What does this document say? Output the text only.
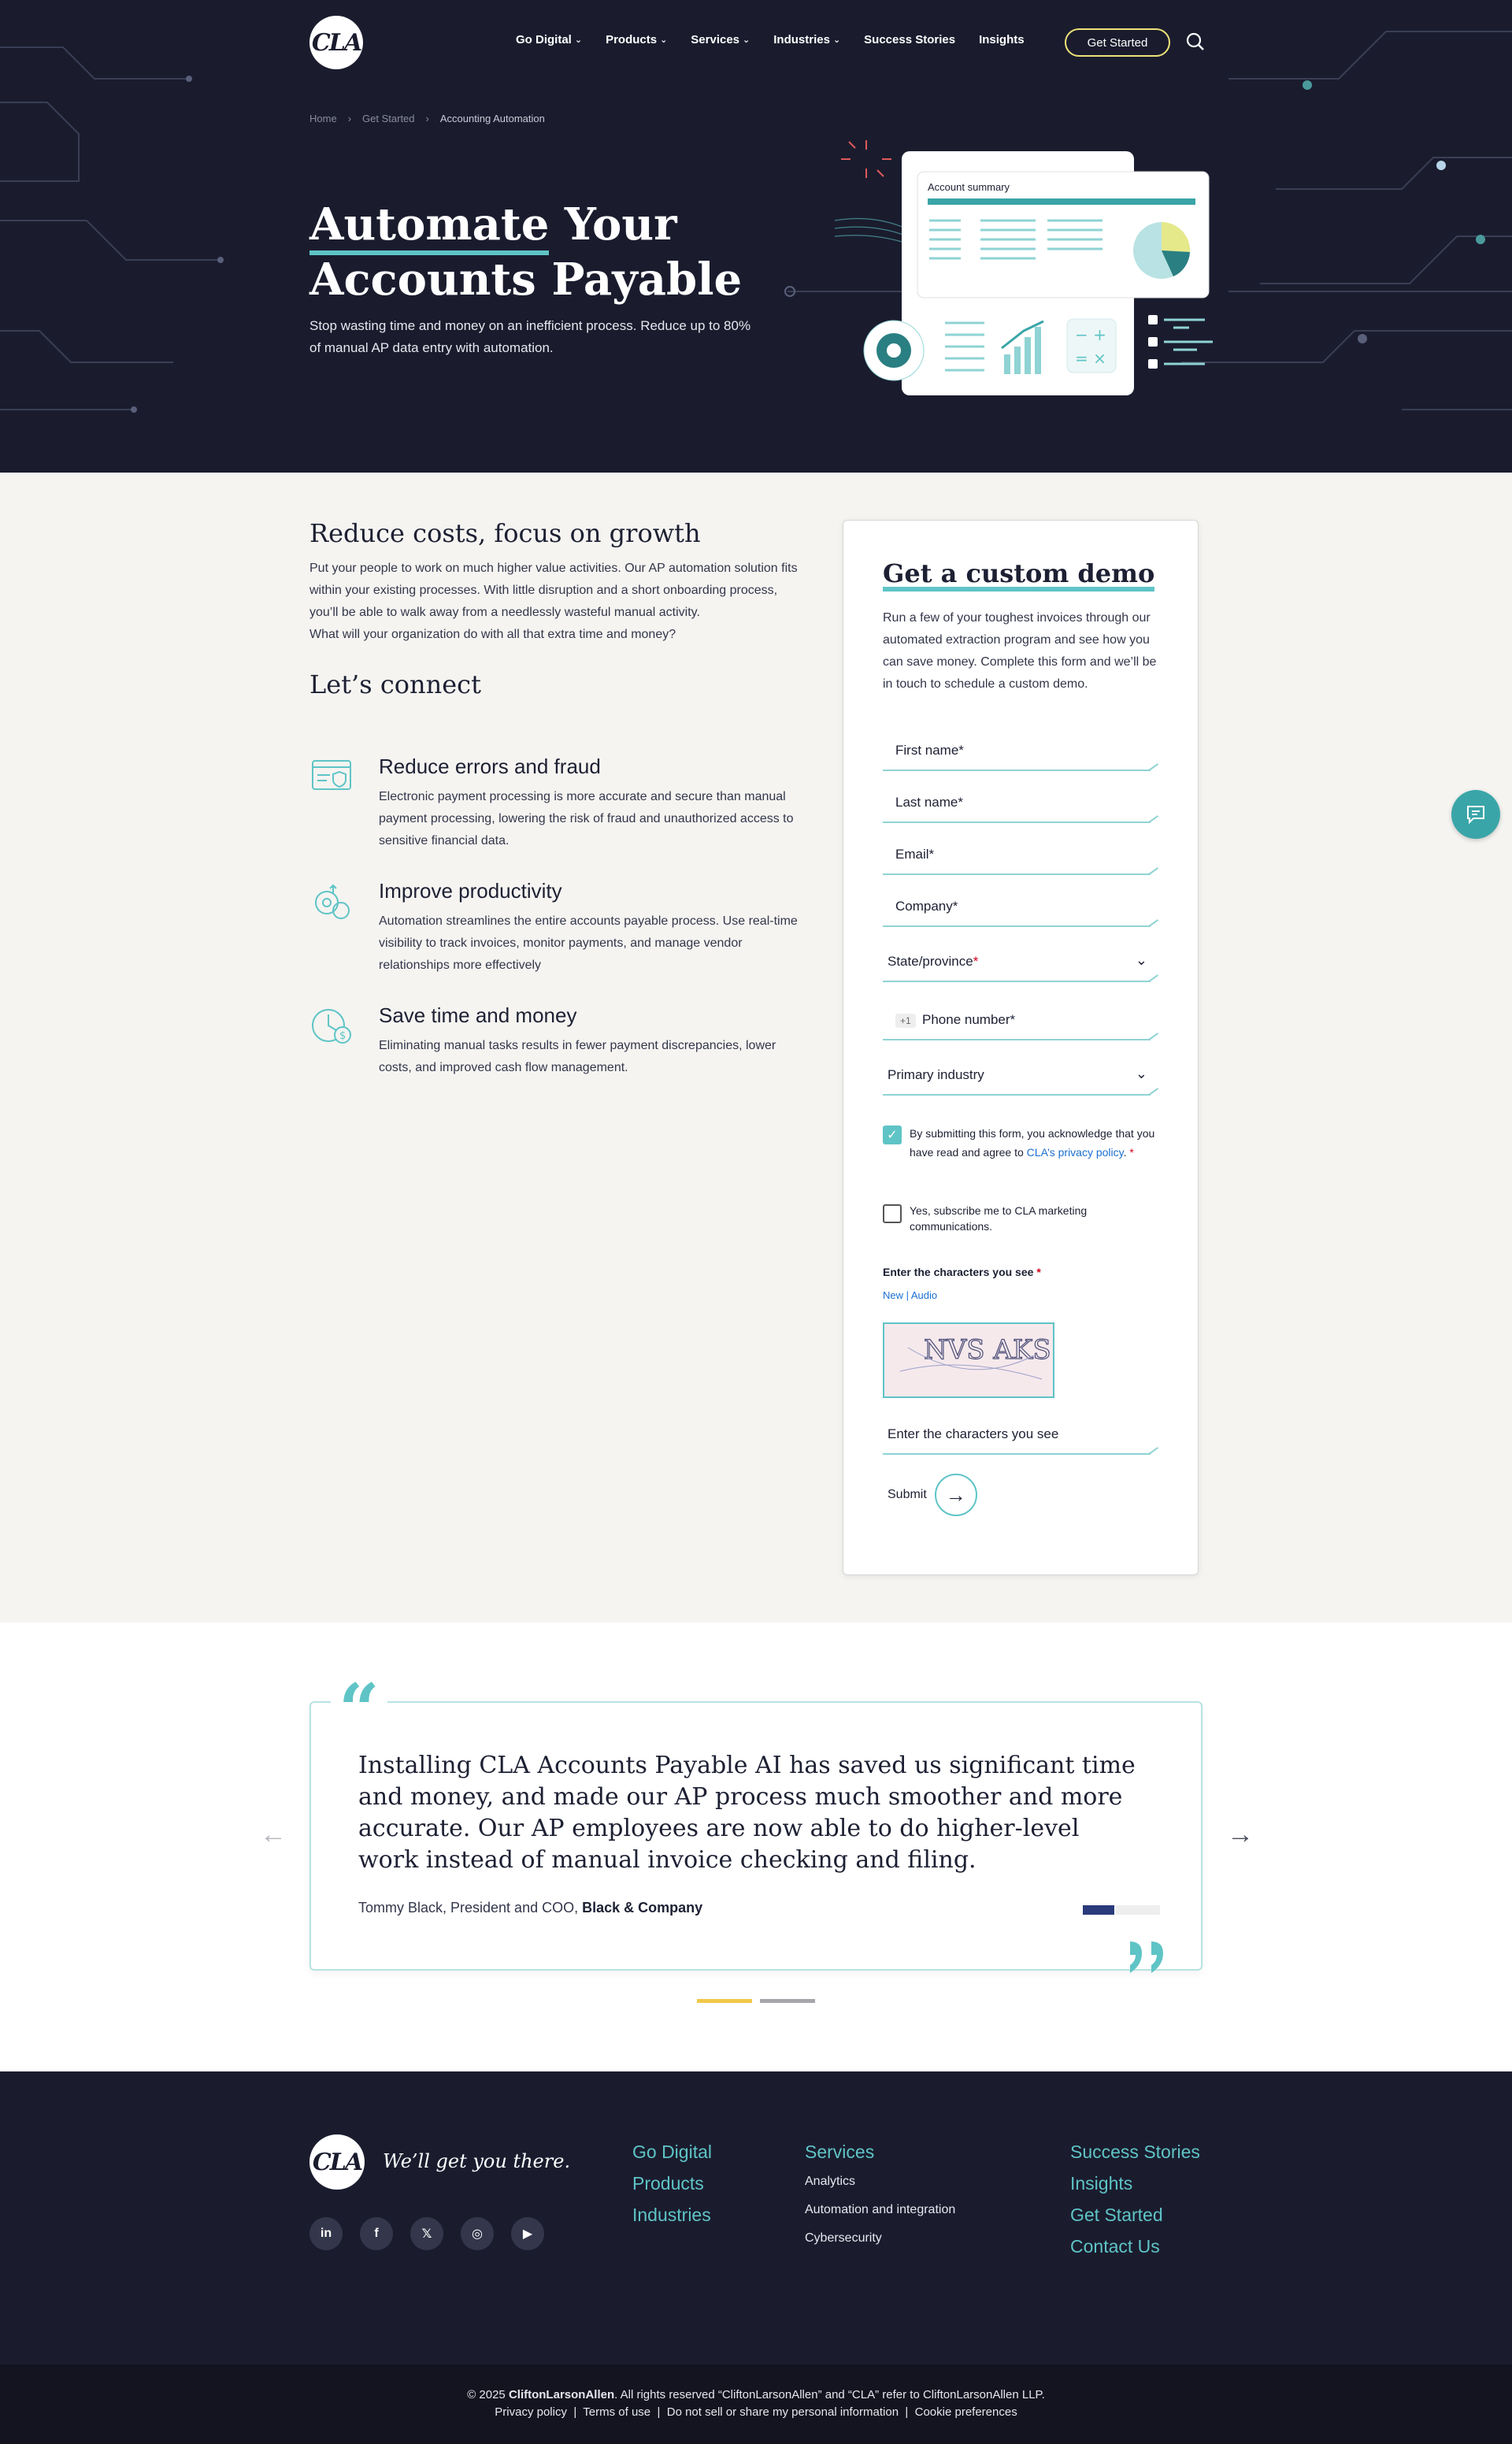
CLA	Go Digital ⌄ Products ⌄ Services ⌄ Industries ⌄ Success Stories Insights	Get Started
Home › Get Started › Accounting Automation
Automate Your
Accounts Payable

Stop wasting time and money on an inefficient process. Reduce up to 80% of manual AP data entry with automation.

Account summary
− +
= ×
Reduce costs, focus on growth

Put your people to work on much higher value activities. Our AP automation solution fits within your existing processes. With little disruption and a short onboarding process, you’ll be able to walk away from a needlessly wasteful manual activity.

What will your organization do with all that extra time and money?

Let’s connect
Reduce errors and fraud
Electronic payment processing is more accurate and secure than manual payment processing, lowering the risk of fraud and unauthorized access to sensitive financial data.
Improve productivity
Automation streamlines the entire accounts payable process. Use real-time visibility to track invoices, monitor payments, and manage vendor relationships more effectively
$
Save time and money
Eliminating manual tasks results in fewer payment discrepancies, lower costs, and improved cash flow management.
Get a custom demo

Run a few of your toughest invoices through our automated extraction program and see how you can save money. Complete this form and we’ll be in touch to schedule a custom demo.

First name*
Last name*
Email*
Company*
State/province*	⌄
+1 Phone number*
Primary industry	⌄
✓	By submitting this form, you acknowledge that you have read and agree to CLA’s privacy policy. *
Yes, subscribe me to CLA marketing communications.
Enter the characters you see *
New | Audio
NVS AKS
Enter the characters you see
Submit →

Installing CLA Accounts Payable AI has saved us significant time and money, and made our AP process much smoother and more accurate. Our AP employees are now able to do higher-level work instead of manual invoice checking and filing.

Tommy Black, President and COO, Black & Company
“
←	→
CLA We’ll get you there.
in	f	𝕏	◎	▶
Go Digital
Products
Industries
Services
Analytics
Automation and integration
Cybersecurity
Success Stories
Insights
Get Started
Contact Us
© 2025 CliftonLarsonAllen. All rights reserved “CliftonLarsonAllen” and “CLA” refer to CliftonLarsonAllen LLP.
Privacy policy  |  Terms of use  |  Do not sell or share my personal information  |  Cookie preferences
